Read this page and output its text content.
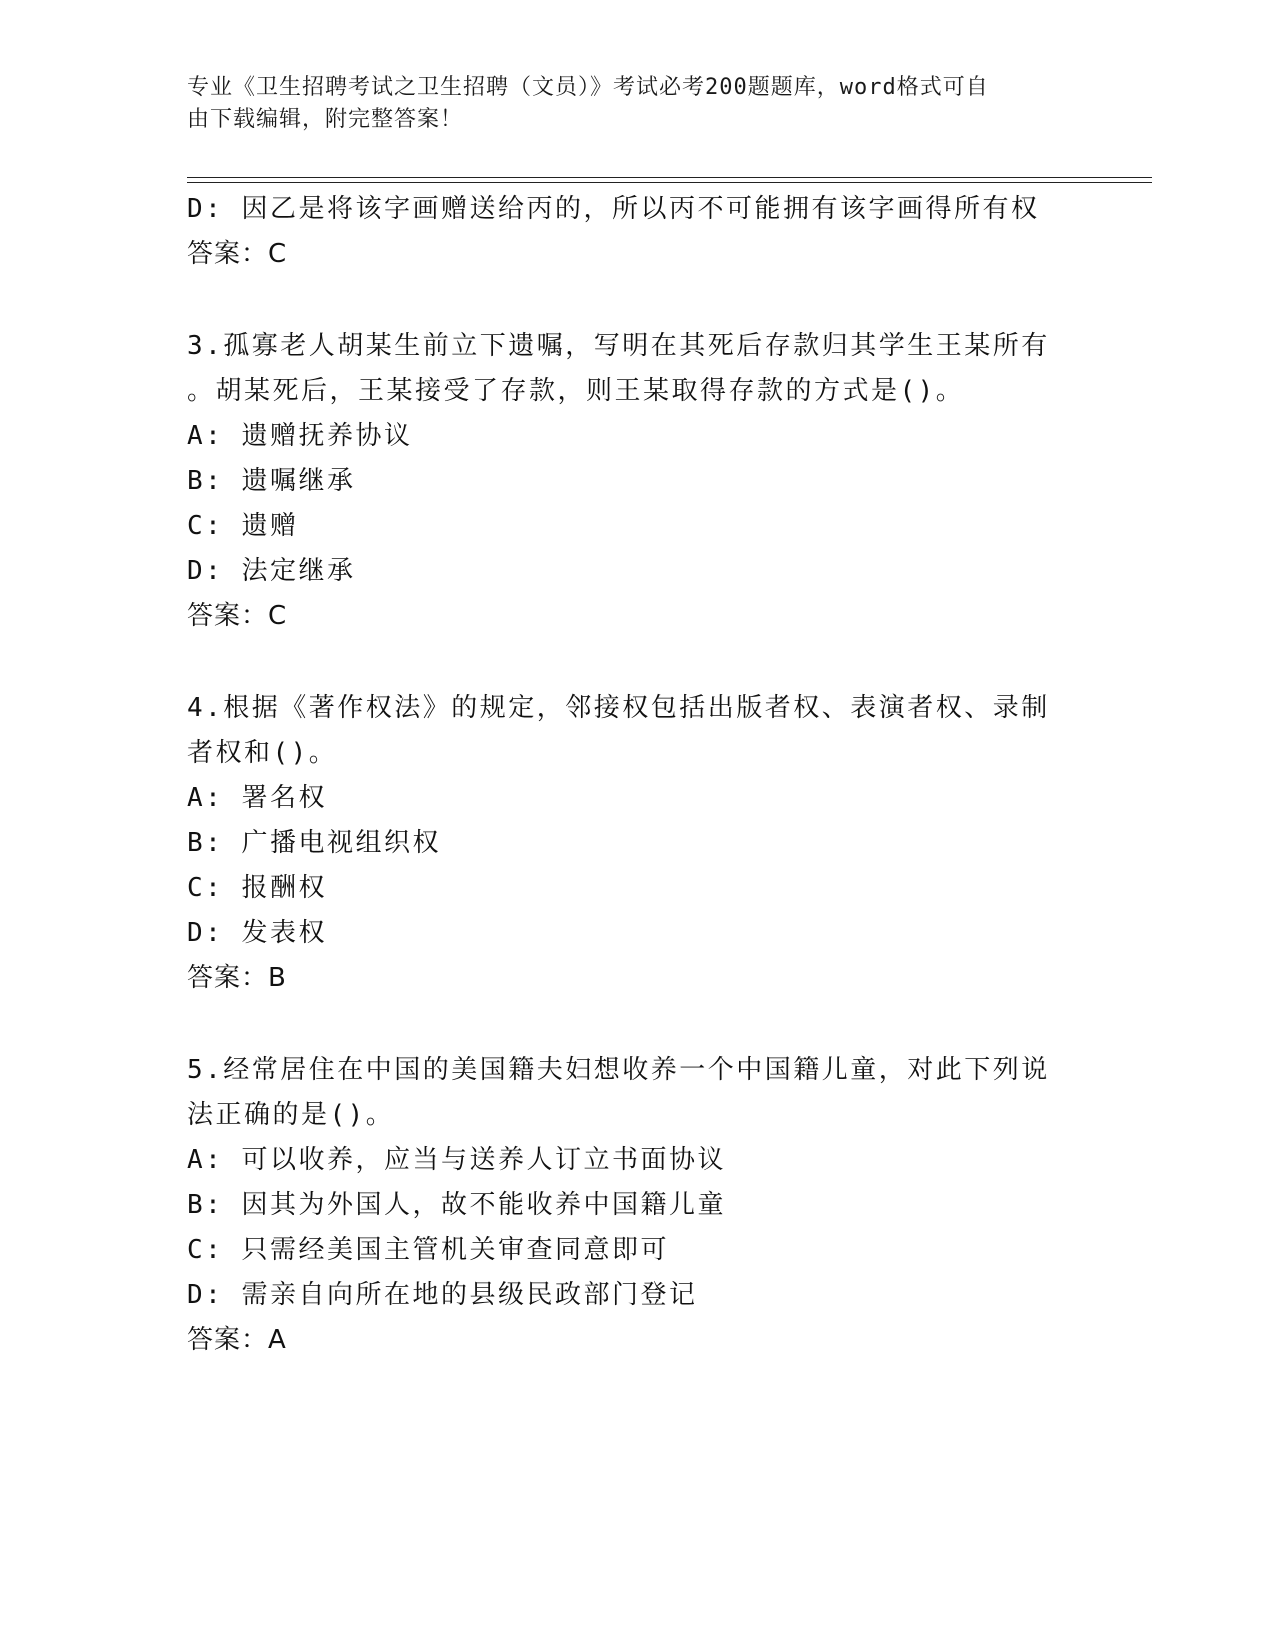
专业《卫生招聘考试之卫生招聘（文员）》考试必考200题题库，word格式可自
由下载编辑，附完整答案！
D: 因乙是将该字画赠送给丙的，所以丙不可能拥有该字画得所有权
答案：C
3.孤寡老人胡某生前立下遗嘱，写明在其死后存款归其学生王某所有
。胡某死后，王某接受了存款，则王某取得存款的方式是()。
A: 遗赠抚养协议
B: 遗嘱继承
C: 遗赠
D: 法定继承
答案：C
4.根据《著作权法》的规定，邻接权包括出版者权、表演者权、录制
者权和()。
A: 署名权
B: 广播电视组织权
C: 报酬权
D: 发表权
答案：B
5.经常居住在中国的美国籍夫妇想收养一个中国籍儿童，对此下列说
法正确的是()。
A: 可以收养，应当与送养人订立书面协议
B: 因其为外国人，故不能收养中国籍儿童
C: 只需经美国主管机关审查同意即可
D: 需亲自向所在地的县级民政部门登记
答案：A
